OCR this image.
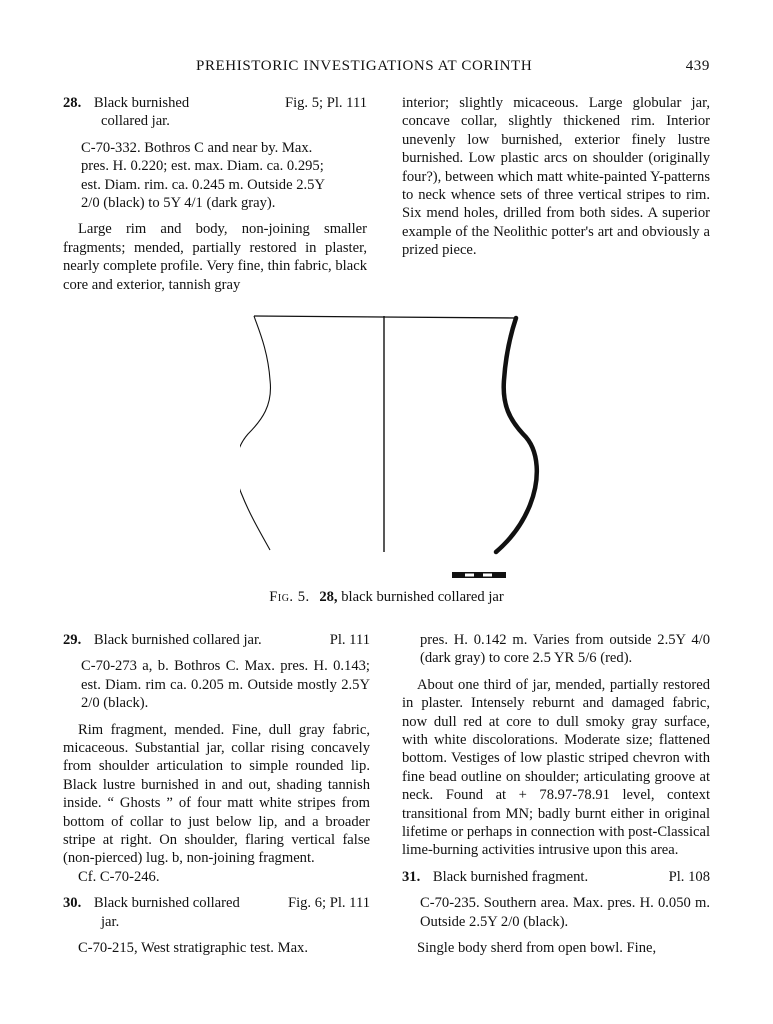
PREHISTORIC INVESTIGATIONS AT CORINTH	439
28. Black burnished	Fig. 5; Pl. 111
collared jar.
C-70-332. Bothros C and near by. Max.
pres. H. 0.220; est. max. Diam. ca. 0.295;
est. Diam. rim. ca. 0.245 m. Outside 2.5Y
2/0 (black) to 5Y 4/1 (dark gray).

Large rim and body, non-joining smaller fragments; mended, partially restored in plaster, nearly complete profile. Very fine, thin fabric, black core and exterior, tannish gray

interior; slightly micaceous. Large globular jar, concave collar, slightly thickened rim. Interior unevenly low burnished, exterior finely lustre burnished. Low plastic arcs on shoulder (originally four?), between which matt white-painted Y-patterns to neck whence sets of three vertical stripes to rim. Six mend holes, drilled from both sides. A superior example of the Neolithic potter's art and obviously a prized piece.

Fig. 5. 28, black burnished collared jar
29. Black burnished collared jar.	Pl. 111

C-70-273 a, b. Bothros C. Max. pres. H. 0.143; est. Diam. rim ca. 0.205 m. Outside mostly 2.5Y 2/0 (black).

Rim fragment, mended. Fine, dull gray fabric, micaceous. Substantial jar, collar rising concavely from shoulder articulation to simple rounded lip. Black lustre burnished in and out, shading tannish inside. “ Ghosts ” of four matt white stripes from bottom of collar to just below lip, and a broader stripe at right. On shoulder, flaring vertical false (non-pierced) lug. b, non-joining fragment.

Cf. C-70-246.

30. Black burnished collared	Fig. 6; Pl. 111
jar.

C-70-215, West stratigraphic test. Max.

pres. H. 0.142 m. Varies from outside 2.5Y 4/0 (dark gray) to core 2.5 YR 5/6 (red).

About one third of jar, mended, partially restored in plaster. Intensely reburnt and damaged fabric, now dull red at core to dull smoky gray surface, with white discolorations. Moderate size; flattened bottom. Vestiges of low plastic striped chevron with fine bead outline on shoulder; articulating groove at neck. Found at + 78.97-78.91 level, context transitional from MN; badly burnt either in original lifetime or perhaps in connection with post-Classical lime-burning activities intrusive upon this area.

31. Black burnished fragment.	Pl. 108

C-70-235. Southern area. Max. pres. H. 0.050 m. Outside 2.5Y 2/0 (black).

Single body sherd from open bowl. Fine,
